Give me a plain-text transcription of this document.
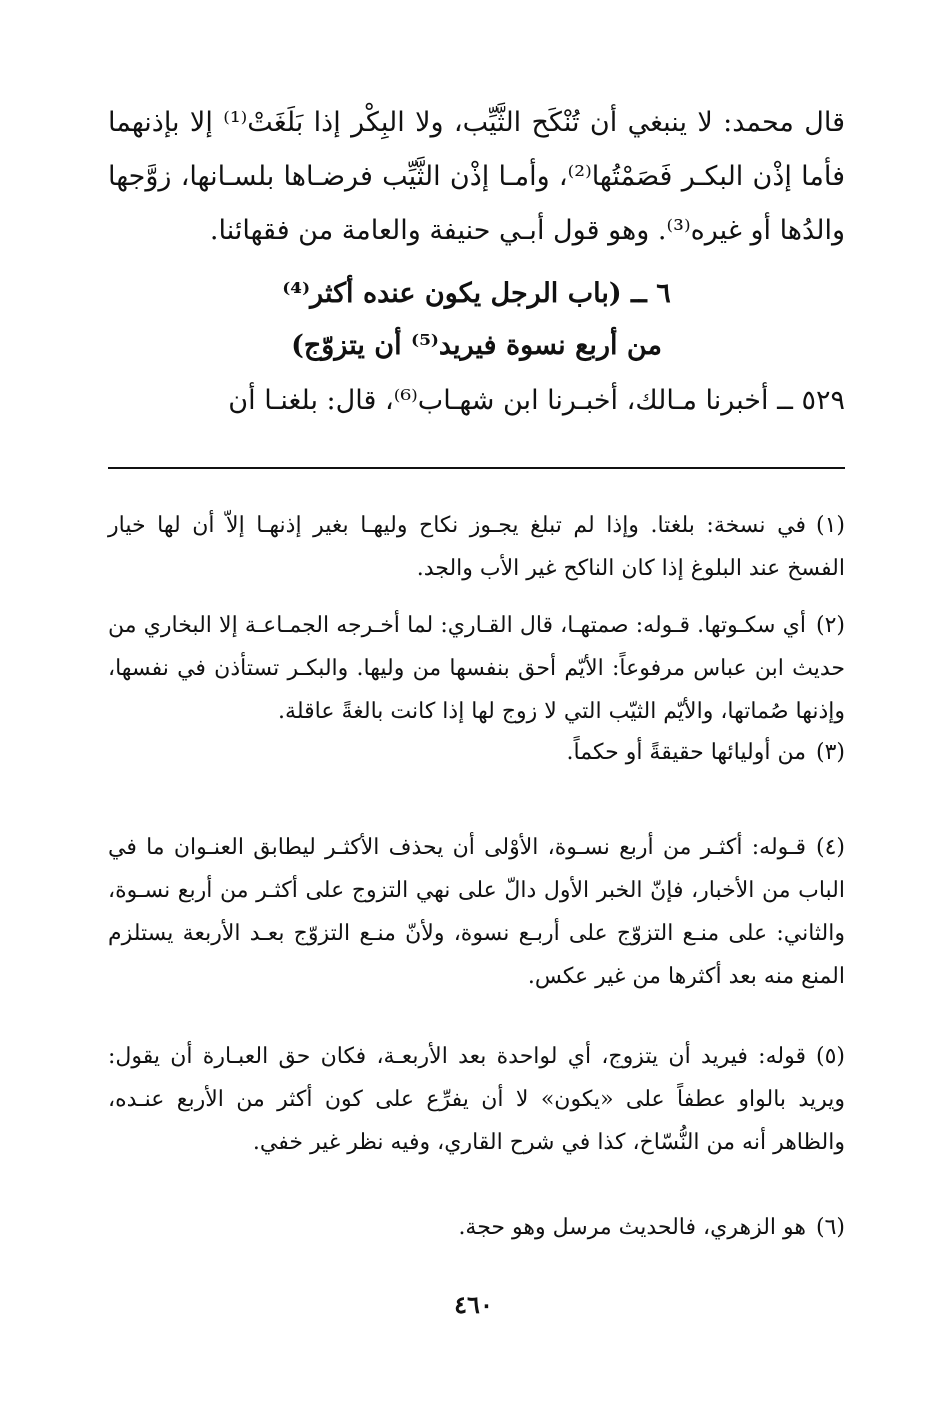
قال محمد: لا ينبغي أن تُنْكَح الثَّيِّب، ولا البِكْر إذا بَلَغَتْ⁽¹⁾ إلا بإذنهما فأما إذْن البكـر فَصَمْتُها⁽²⁾، وأمـا إذْن الثَّيِّب فرضـاها بلسـانها، زوَّجها والدُها أو غيره⁽³⁾. وهو قول أبـي حنيفة والعامة من فقهائنا.

٦ ــ (باب الرجل يكون عنده أكثر⁽⁴⁾
من أربع نسوة فيريد⁽⁵⁾ أن يتزوّج)

٥٢٩ ــ أخبرنا مـالك، أخبـرنا ابن شهـاب⁽⁶⁾، قال: بلغنـا أن

(١)في نسخة: بلغتا. وإذا لم تبلغ يجـوز نكاح وليهـا بغير إذنهـا إلاّ أن لها خيار الفسخ عند البلوغ إذا كان الناكح غير الأب والجد.
(٢)أي سكـوتها. قـوله: صمتهـا، قال القـاري: لما أخـرجه الجمـاعـة إلا البخاري من حديث ابن عباس مرفوعاً: الأيّم أحق بنفسها من وليها. والبكـر تستأذن في نفسها، وإذنها صُماتها، والأيّم الثيّب التي لا زوج لها إذا كانت بالغةً عاقلة.
(٣)من أوليائها حقيقةً أو حكماً.
(٤)قـوله: أكثـر من أربع نسـوة، الأوْلى أن يحذف الأكثـر ليطابق العنـوان ما في الباب من الأخبار، فإنّ الخبر الأول دالّ على نهي التزوج على أكثـر من أربع نسـوة، والثاني: على منـع التزوّج على أربـع نسوة، ولأنّ منـع التزوّج بعـد الأربعة يستلزم المنع منه بعد أكثرها من غير عكس.
(٥)قوله: فيريد أن يتزوج، أي لواحدة بعد الأربعـة، فكان حق العبـارة أن يقول: ويريد بالواو عطفاً على «يكون» لا أن يفرِّع على كون أكثر من الأربع عنـده، والظاهر أنه من النُّسّاخ، كذا في شرح القاري، وفيه نظر غير خفي.
(٦)هو الزهري، فالحديث مرسل وهو حجة.
٤٦٠
